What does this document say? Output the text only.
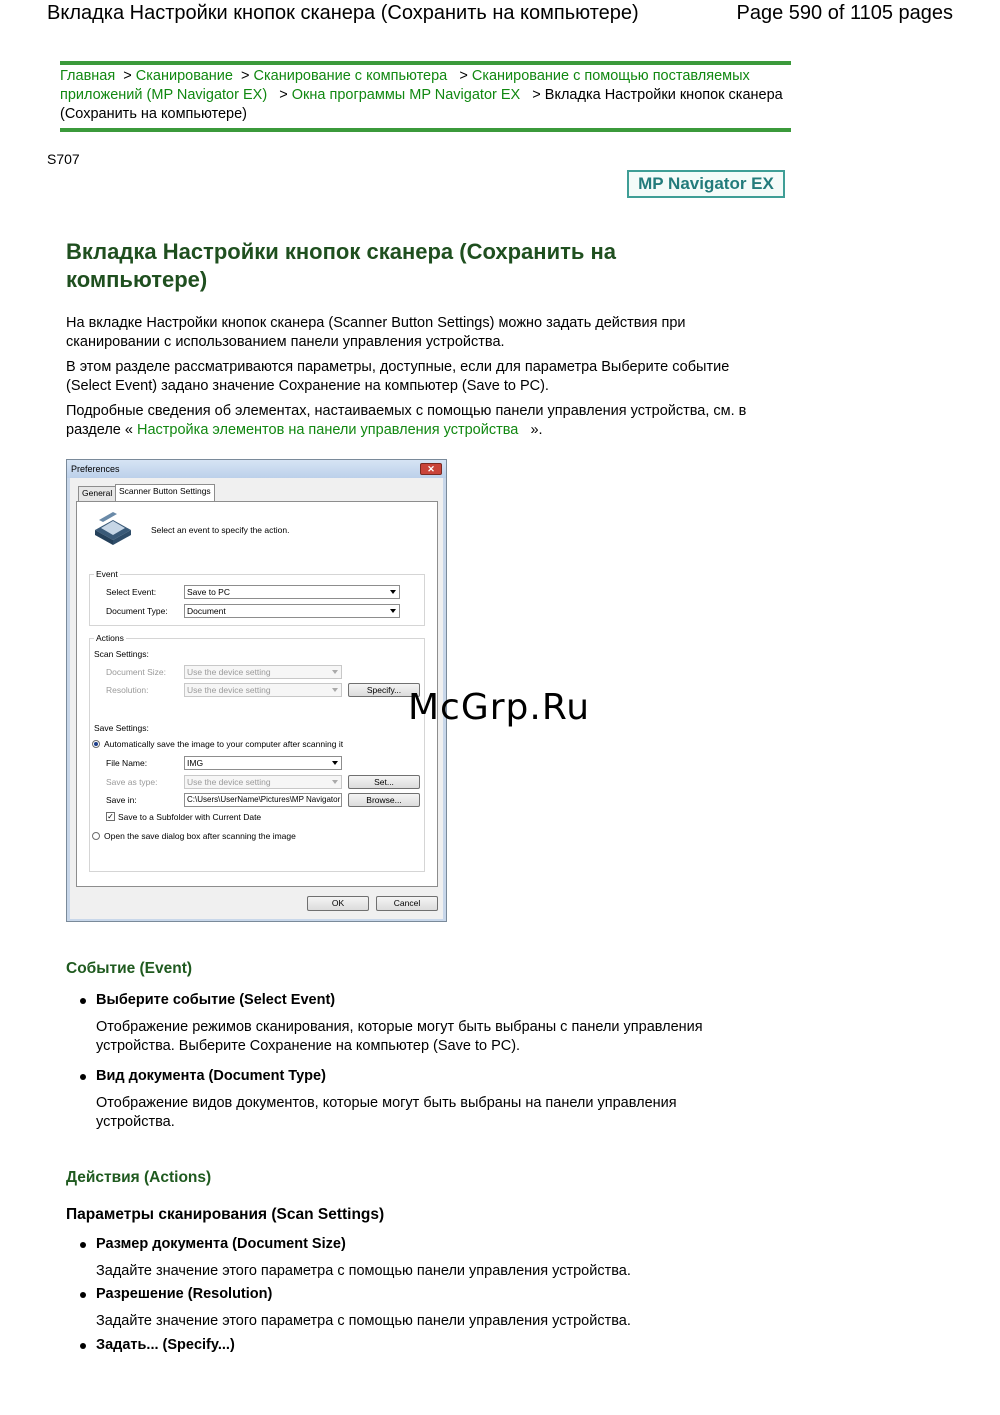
Вкладка Настройки кнопок сканера (Сохранить на компьютере)	Page 590 of 1105 pages
Главная > Сканирование > Сканирование с компьютера > Сканирование с помощью поставляемых приложений (MP Navigator EX) > Окна программы MP Navigator EX > Вкладка Настройки кнопок сканера (Сохранить на компьютере)
S707
MP Navigator EX
Вкладка Настройки кнопок сканера (Сохранить на компьютере)
На вкладке Настройки кнопок сканера (Scanner Button Settings) можно задать действия при сканировании с использованием панели управления устройства.
В этом разделе рассматриваются параметры, доступные, если для параметра Выберите событие (Select Event) задано значение Сохранение на компьютер (Save to PC).
Подробные сведения об элементах, настаиваемых с помощью панели управления устройства, см. в разделе « Настройка элементов на панели управления устройства ».
Preferences	✕
General Scanner Button Settings
Select an event to specify the action.
Event
Select Event:	Save to PC
Document Type:	Document
Actions
Scan Settings:
Document Size:	Use the device setting
Resolution:	Use the device setting	Specify...
Save Settings:
Automatically save the image to your computer after scanning it
File Name:	IMG
Save as type:	Use the device setting	Set...
Save in:	C:\Users\UserName\Pictures\MP Navigator	Browse...
✓ Save to a Subfolder with Current Date
Open the save dialog box after scanning the image
OK	Cancel
McGrp.Ru
Событие (Event)
Выберите событие (Select Event)
Отображение режимов сканирования, которые могут быть выбраны с панели управления устройства. Выберите Сохранение на компьютер (Save to PC).
Вид документа (Document Type)
Отображение видов документов, которые могут быть выбраны на панели управления устройства.
Действия (Actions)
Параметры сканирования (Scan Settings)
Размер документа (Document Size)
Задайте значение этого параметра с помощью панели управления устройства.
Разрешение (Resolution)
Задайте значение этого параметра с помощью панели управления устройства.
Задать... (Specify...)
